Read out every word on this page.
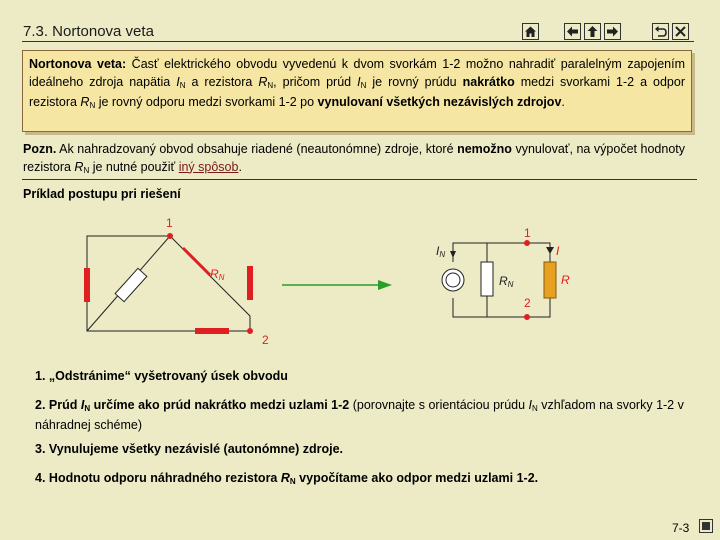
7.3. Nortonova veta
Nortonova veta: Časť elektrického obvodu vyvedenú k dvom svorkám 1-2 možno nahradiť paralelným zapojením ideálneho zdroja napätia $I_N$ a rezistora $R_N$, pričom prúd $I_N$ je rovný prúdu nakrátko medzi svorkami 1-2 a odpor rezistora $R_N$ je rovný odporu medzi svorkami 1-2 po vynulovaní všetkých nezávislých zdrojov.
Pozn. Ak nahradzovaný obvod obsahuje riadené (neautonómne) zdroje, ktoré nemožno vynulovať, na výpočet hodnoty rezistora $R_N$ je nutné použiť iný spôsob.
Príklad postupu pri riešení
1
2
$R_N$
1
2
$I_N$
$R_N$	R
I
1. „Odstránime“ vyšetrovaný úsek obvodu
2. Prúd $I_N$ určíme ako prúd nakrátko medzi uzlami 1-2 (porovnajte s orientáciou prúdu $I_N$ vzhľadom na svorky 1-2 v náhradnej schéme)
3. Vynulujeme všetky nezávislé (autonómne) zdroje.
4. Hodnotu odporu náhradného rezistora $R_N$ vypočítame ako odpor medzi uzlami 1-2.
7-3
